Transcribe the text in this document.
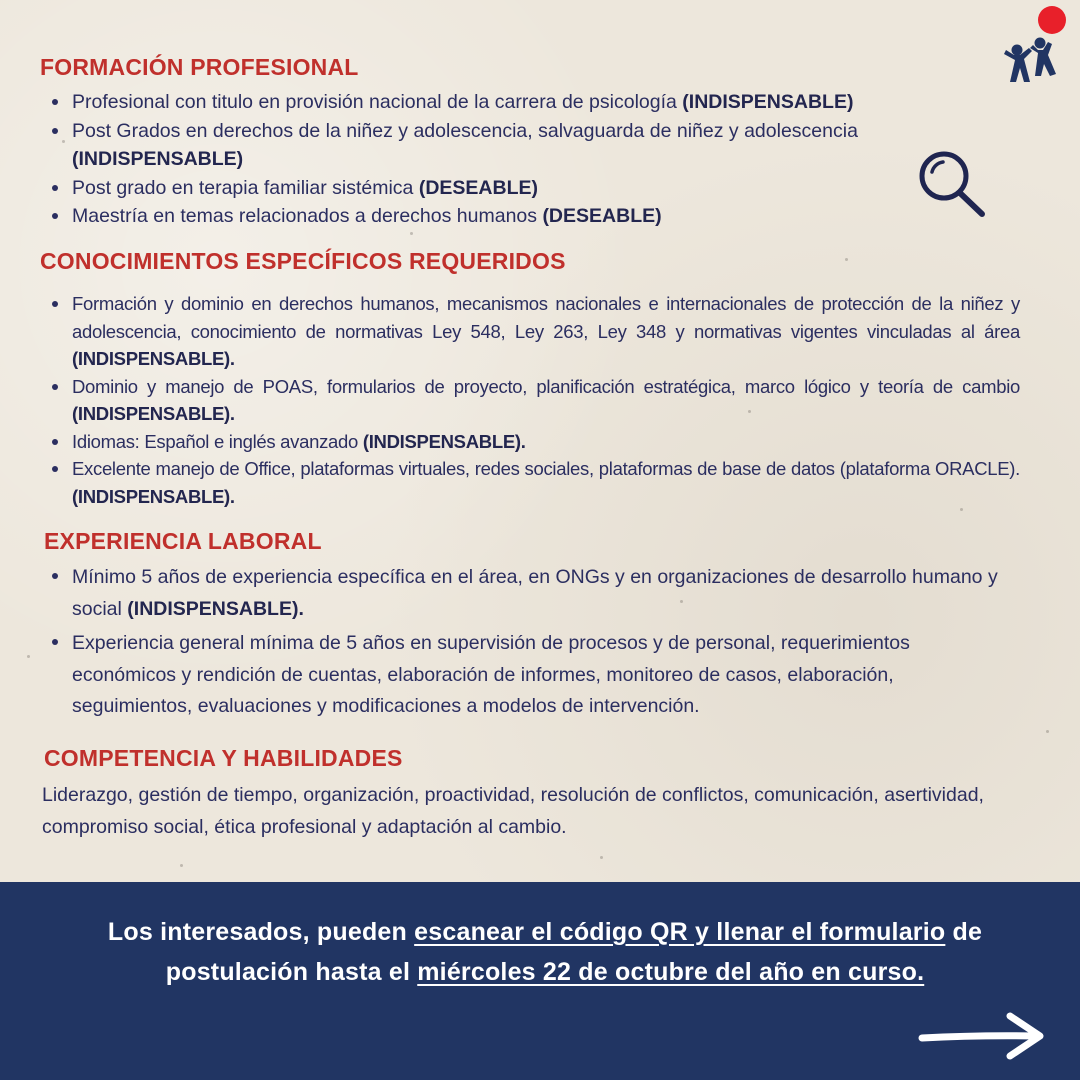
FORMACIÓN PROFESIONAL
Profesional con titulo en provisión nacional de la carrera de psicología (INDISPENSABLE)
Post Grados en derechos de la niñez y adolescencia, salvaguarda de niñez y adolescencia (INDISPENSABLE)
Post grado en terapia familiar sistémica (DESEABLE)
Maestría en temas relacionados a derechos humanos (DESEABLE)
CONOCIMIENTOS ESPECÍFICOS REQUERIDOS
Formación y dominio en derechos humanos, mecanismos nacionales e internacionales de protección de la niñez y adolescencia, conocimiento de normativas Ley 548, Ley 263, Ley 348 y normativas vigentes vinculadas al área (INDISPENSABLE).
Dominio y manejo de POAS, formularios de proyecto, planificación estratégica, marco lógico y teoría de cambio (INDISPENSABLE).
Idiomas: Español e inglés avanzado (INDISPENSABLE).
Excelente manejo de Office, plataformas virtuales, redes sociales, plataformas de base de datos (plataforma ORACLE). (INDISPENSABLE).
EXPERIENCIA LABORAL
Mínimo 5 años de experiencia específica en el área, en ONGs y en organizaciones de desarrollo humano y social (INDISPENSABLE).
Experiencia general mínima de 5 años en supervisión de procesos y de personal, requerimientos económicos y rendición de cuentas, elaboración de informes, monitoreo de casos, elaboración, seguimientos, evaluaciones y modificaciones a modelos de intervención.
COMPETENCIA Y HABILIDADES

Liderazgo, gestión de tiempo, organización, proactividad, resolución de conflictos, comunicación, asertividad, compromiso social, ética profesional y adaptación al cambio.

Los interesados, pueden escanear el código QR y llenar el formulario de postulación hasta el miércoles 22 de octubre del año en curso.
